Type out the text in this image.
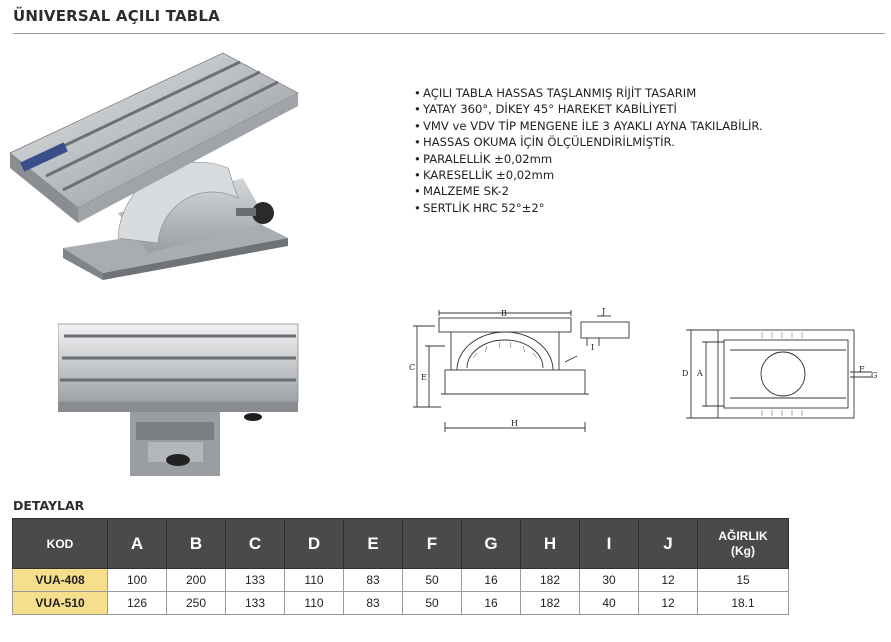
ÜNIVERSAL AÇILI TABLA
• AÇILI TABLA HASSAS TAŞLANMIŞ RİJİT TASARIM
• YATAY 360°, DİKEY 45° HAREKET KABİLİYETİ
• VMV ve VDV TİP MENGENE İLE 3 AYAKLI AYNA TAKILABİLİR.
• HASSAS OKUMA İÇİN ÖLÇÜLENDİRİLMİŞTİR.
• PARALELLİK ±0,02mm
• KARESELLİK ±0,02mm
• MALZEME SK-2
• SERTLİK HRC 52°±2°
B
C
E
H
J
I
D A	F
G
DETAYLAR
KOD	A	B	C	D	E	F	G	H	I	J	AĞIRLIK
(Kg)

VUA-408	100	200	133	110	83	50	16	182	30	12	15
VUA-510	126	250	133	110	83	50	16	182	40	12	18.1
